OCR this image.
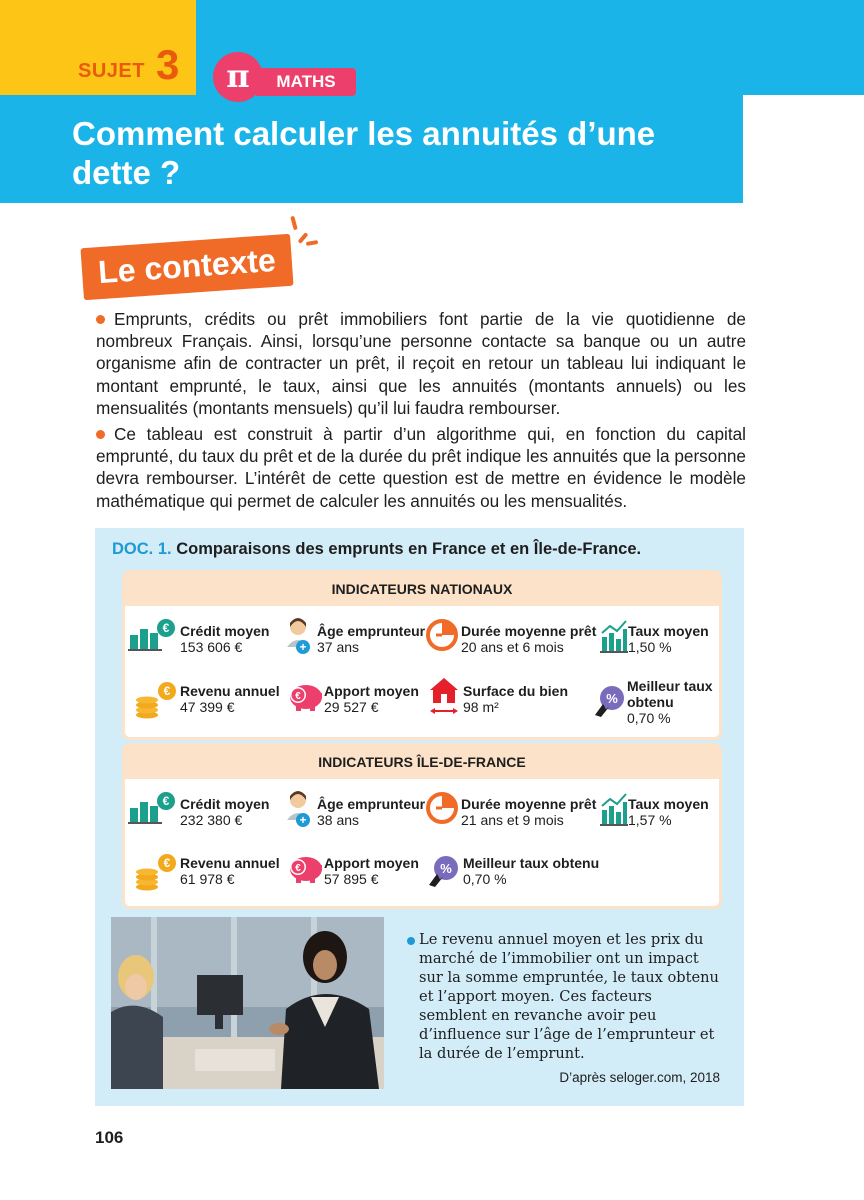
SUJET 3	MATHS
π
Comment calculer les annuités d’une dette ?
Le contexte
Emprunts, crédits ou prêt immobiliers font partie de la vie quotidienne de nombreux Français. Ainsi, lorsqu’une personne contacte sa banque ou un autre organisme afin de contracter un prêt, il reçoit en retour un tableau lui indiquant le montant emprunté, le taux, ainsi que les annuités (montants annuels) ou les mensualités (montants mensuels) qu’il lui faudra rembourser.
Ce tableau est construit à partir d’un algorithme qui, en fonction du capital emprunté, du taux du prêt et de la durée du prêt indique les annuités que la personne devra rembourser. L’intérêt de cette question est de mettre en évidence le modèle mathématique qui permet de calculer les annuités ou les mensualités.
DOC. 1. Comparaisons des emprunts en France et en Île-de-France.
INDICATEURS NATIONAUX
€ Crédit moyen
153 606 €	+
Âge emprunteur
37 ans
Durée moyenne prêt
20 ans et 6 mois
Taux moyen
1,50 %
€ Revenu annuel
47 399 €
€ Apport moyen
29 527 €
Surface du bien
98 m²
%
Meilleur taux
obtenu
0,70 %
INDICATEURS ÎLE-DE-FRANCE
€ Crédit moyen
232 380 €	+
Âge emprunteur
38 ans
Durée moyenne prêt
21 ans et 9 mois
Taux moyen
1,57 %
€ Revenu annuel
61 978 €
€ Apport moyen
57 895 €
% Meilleur taux obtenu
0,70 %
Le revenu annuel moyen et les prix du marché de l’immobilier ont un impact sur la somme empruntée, le taux obtenu et l’apport moyen. Ces facteurs semblent en revanche avoir peu d’influence sur l’âge de l’emprunteur et la durée de l’emprunt.
D’après seloger.com, 2018
106
